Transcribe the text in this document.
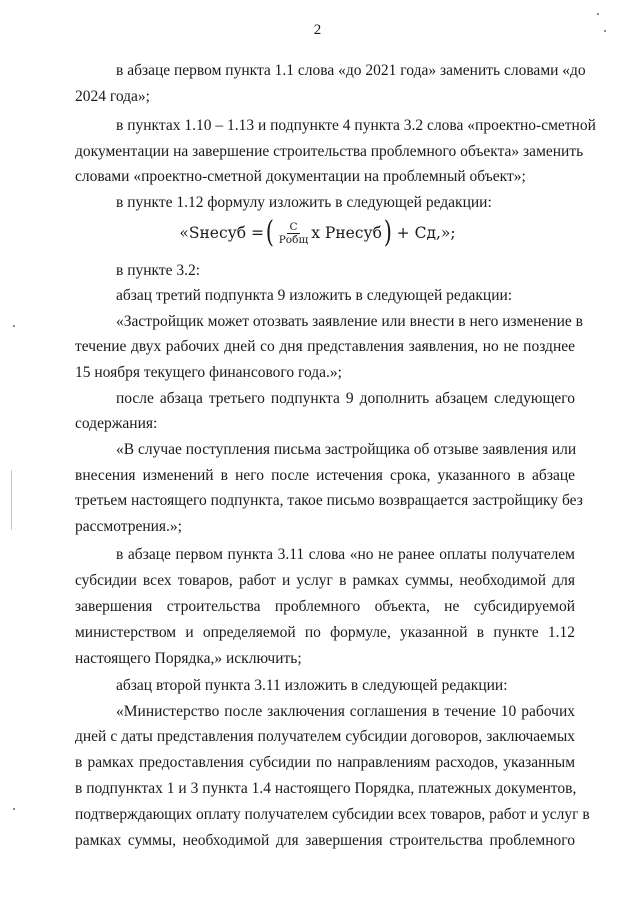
2
в абзаце первом пункта 1.1 слова «до 2021 года» заменить словами «до
2024 года»;
в пунктах 1.10 – 1.13 и подпункте 4 пункта 3.2 слова «проектно-сметной
документации на завершение строительства проблемного объекта» заменить
словами «проектно-сметной документации на проблемный объект»;
в пункте 1.12 формулу изложить в следующей редакции:
«Sнесуб = ( $\frac{С}{\text{Pобщ}}$ x Pнесуб ) + Сд,»;
в пункте 3.2:
абзац третий подпункта 9 изложить в следующей редакции:
«Застройщик может отозвать заявление или внести в него изменение в
течение двух рабочих дней со дня представления заявления, но не позднее
15 ноября текущего финансового года.»;
после абзаца третьего подпункта 9 дополнить абзацем следующего
содержания:
«В случае поступления письма застройщика об отзыве заявления или
внесения изменений в него после истечения срока, указанного в абзаце
третьем настоящего подпункта, такое письмо возвращается застройщику без
рассмотрения.»;
в абзаце первом пункта 3.11 слова «но не ранее оплаты получателем
субсидии всех товаров, работ и услуг в рамках суммы, необходимой для
завершения строительства проблемного объекта, не субсидируемой
министерством и определяемой по формуле, указанной в пункте 1.12
настоящего Порядка,» исключить;
абзац второй пункта 3.11 изложить в следующей редакции:
«Министерство после заключения соглашения в течение 10 рабочих
дней с даты представления получателем субсидии договоров, заключаемых
в рамках предоставления субсидии по направлениям расходов, указанным
в подпунктах 1 и 3 пункта 1.4 настоящего Порядка, платежных документов,
подтверждающих оплату получателем субсидии всех товаров, работ и услуг в
рамках суммы, необходимой для завершения строительства проблемного
